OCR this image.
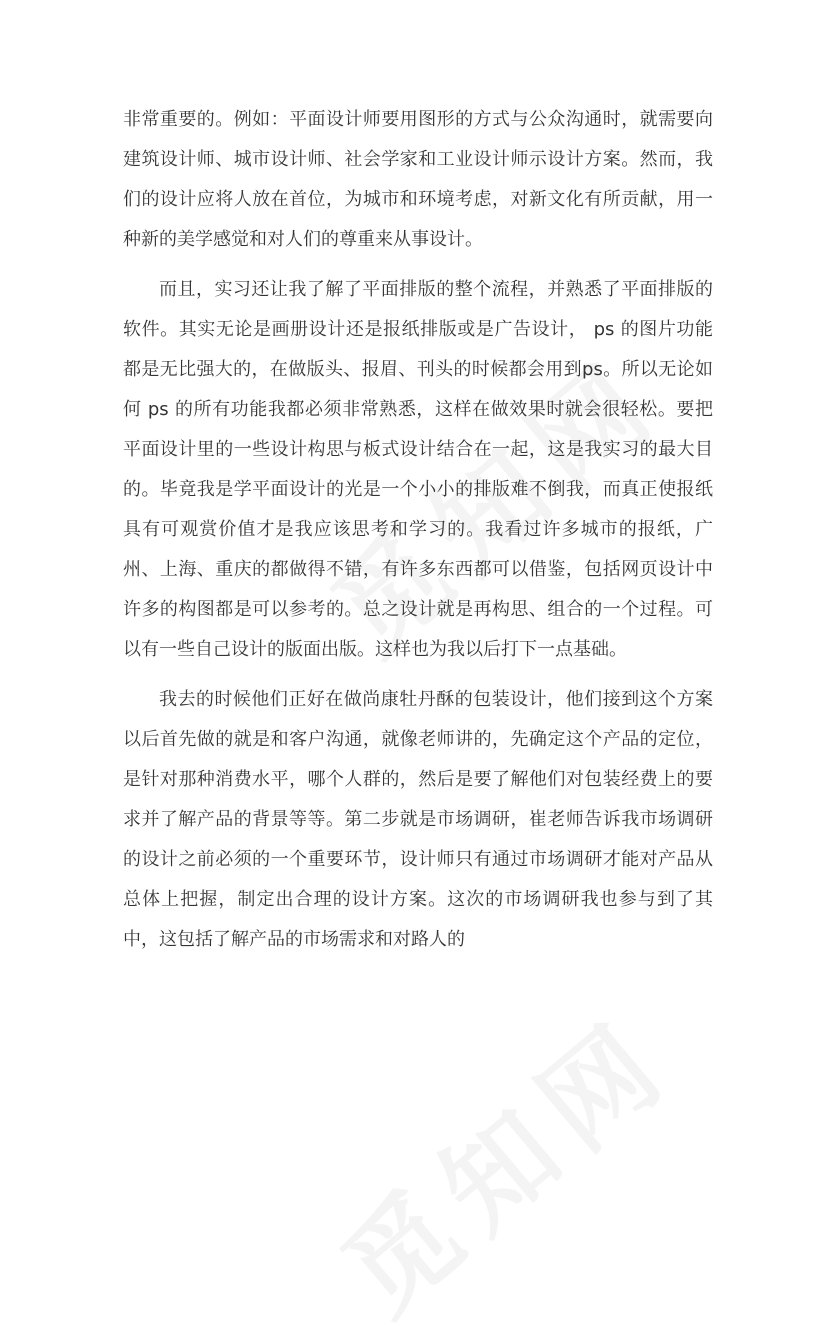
非常重要的。例如：平面设计师要用图形的方式与公众沟通时，就需要向建筑设计师、城市设计师、社会学家和工业设计师示设计方案。然而，我们的设计应将人放在首位，为城市和环境考虑，对新文化有所贡献，用一种新的美学感觉和对人们的尊重来从事设计。

而且，实习还让我了解了平面排版的整个流程，并熟悉了平面排版的软件。其实无论是画册设计还是报纸排版或是广告设计， ps 的图片功能都是无比强大的，在做版头、报眉、刊头的时候都会用到ps。所以无论如何 ps 的所有功能我都必须非常熟悉，这样在做效果时就会很轻松。要把平面设计里的一些设计构思与板式设计结合在一起，这是我实习的最大目的。毕竟我是学平面设计的光是一个小小的排版难不倒我，而真正使报纸具有可观赏价值才是我应该思考和学习的。我看过许多城市的报纸，广州、上海、重庆的都做得不错，有许多东西都可以借鉴，包括网页设计中许多的构图都是可以参考的。总之设计就是再构思、组合的一个过程。可以有一些自己设计的版面出版。这样也为我以后打下一点基础。

我去的时候他们正好在做尚康牡丹酥的包装设计，他们接到这个方案以后首先做的就是和客户沟通，就像老师讲的，先确定这个产品的定位，是针对那种消费水平，哪个人群的，然后是要了解他们对包装经费上的要求并了解产品的背景等等。第二步就是市场调研，崔老师告诉我市场调研的设计之前必须的一个重要环节，设计师只有通过市场调研才能对产品从总体上把握，制定出合理的设计方案。这次的市场调研我也参与到了其中，这包括了解产品的市场需求和对路人的
